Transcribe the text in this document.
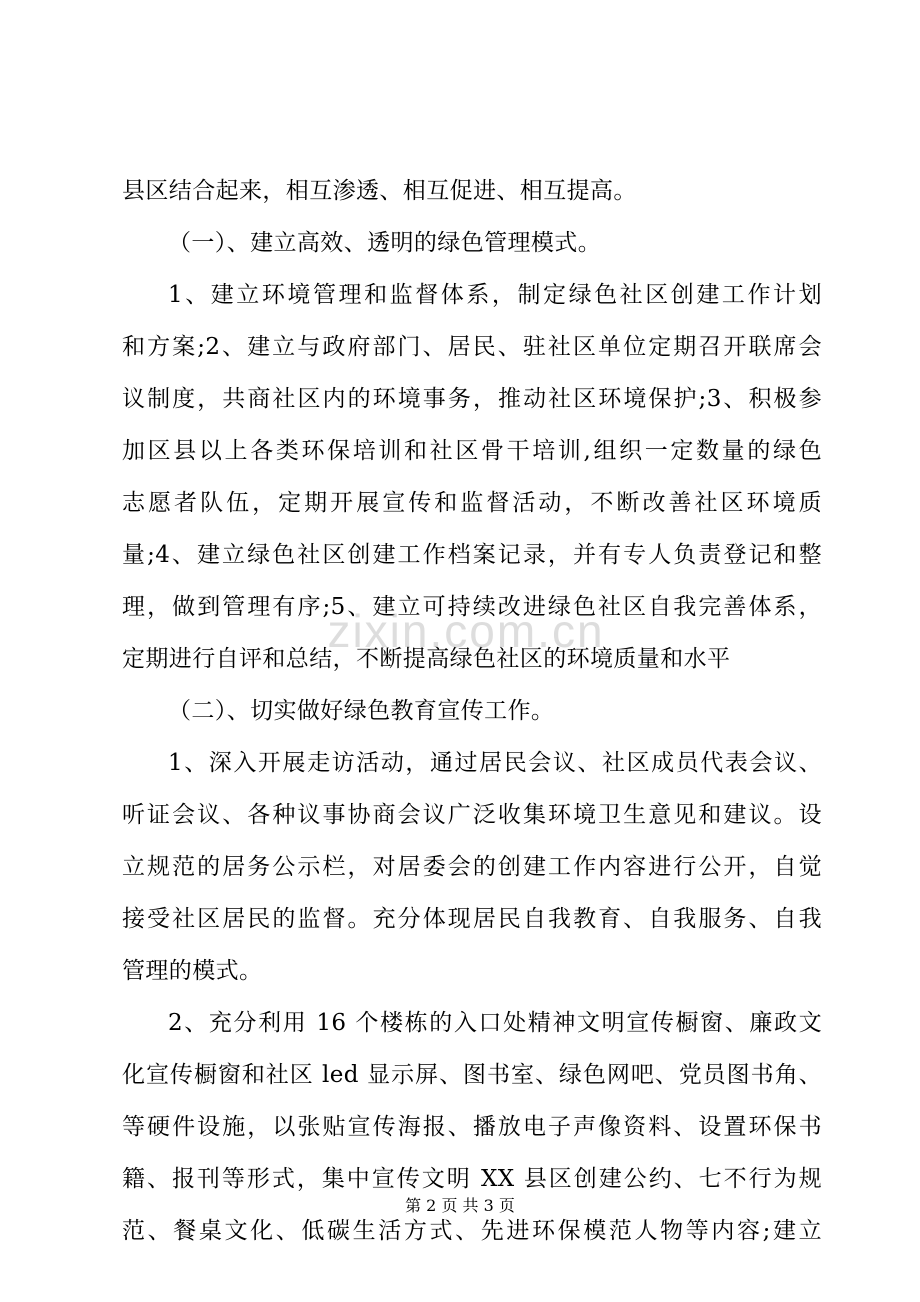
县区结合起来，相互渗透、相互促进、相互提高。
（一）、建立高效、透明的绿色管理模式。
1、建立环境管理和监督体系，制定绿色社区创建工作计划
和方案;2、建立与政府部门、居民、驻社区单位定期召开联席会
议制度，共商社区内的环境事务，推动社区环境保护;3、积极参
加区县以上各类环保培训和社区骨干培训,组织一定数量的绿色
志愿者队伍，定期开展宣传和监督活动，不断改善社区环境质
量;4、建立绿色社区创建工作档案记录，并有专人负责登记和整
理，做到管理有序;5、建立可持续改进绿色社区自我完善体系，
定期进行自评和总结，不断提高绿色社区的环境质量和水平
（二）、切实做好绿色教育宣传工作。
1、深入开展走访活动，通过居民会议、社区成员代表会议、
听证会议、各种议事协商会议广泛收集环境卫生意见和建议。设
立规范的居务公示栏，对居委会的创建工作内容进行公开，自觉
接受社区居民的监督。充分体现居民自我教育、自我服务、自我
管理的模式。
2、充分利用 16 个楼栋的入口处精神文明宣传橱窗、廉政文
化宣传橱窗和社区 led 显示屏、图书室、绿色网吧、党员图书角、
等硬件设施，以张贴宣传海报、播放电子声像资料、设置环保书
籍、报刊等形式，集中宣传文明 XX 县区创建公约、七不行为规
范、餐桌文化、低碳生活方式、先进环保模范人物等内容;建立
zixin.com.cn
第 2 页 共 3 页
